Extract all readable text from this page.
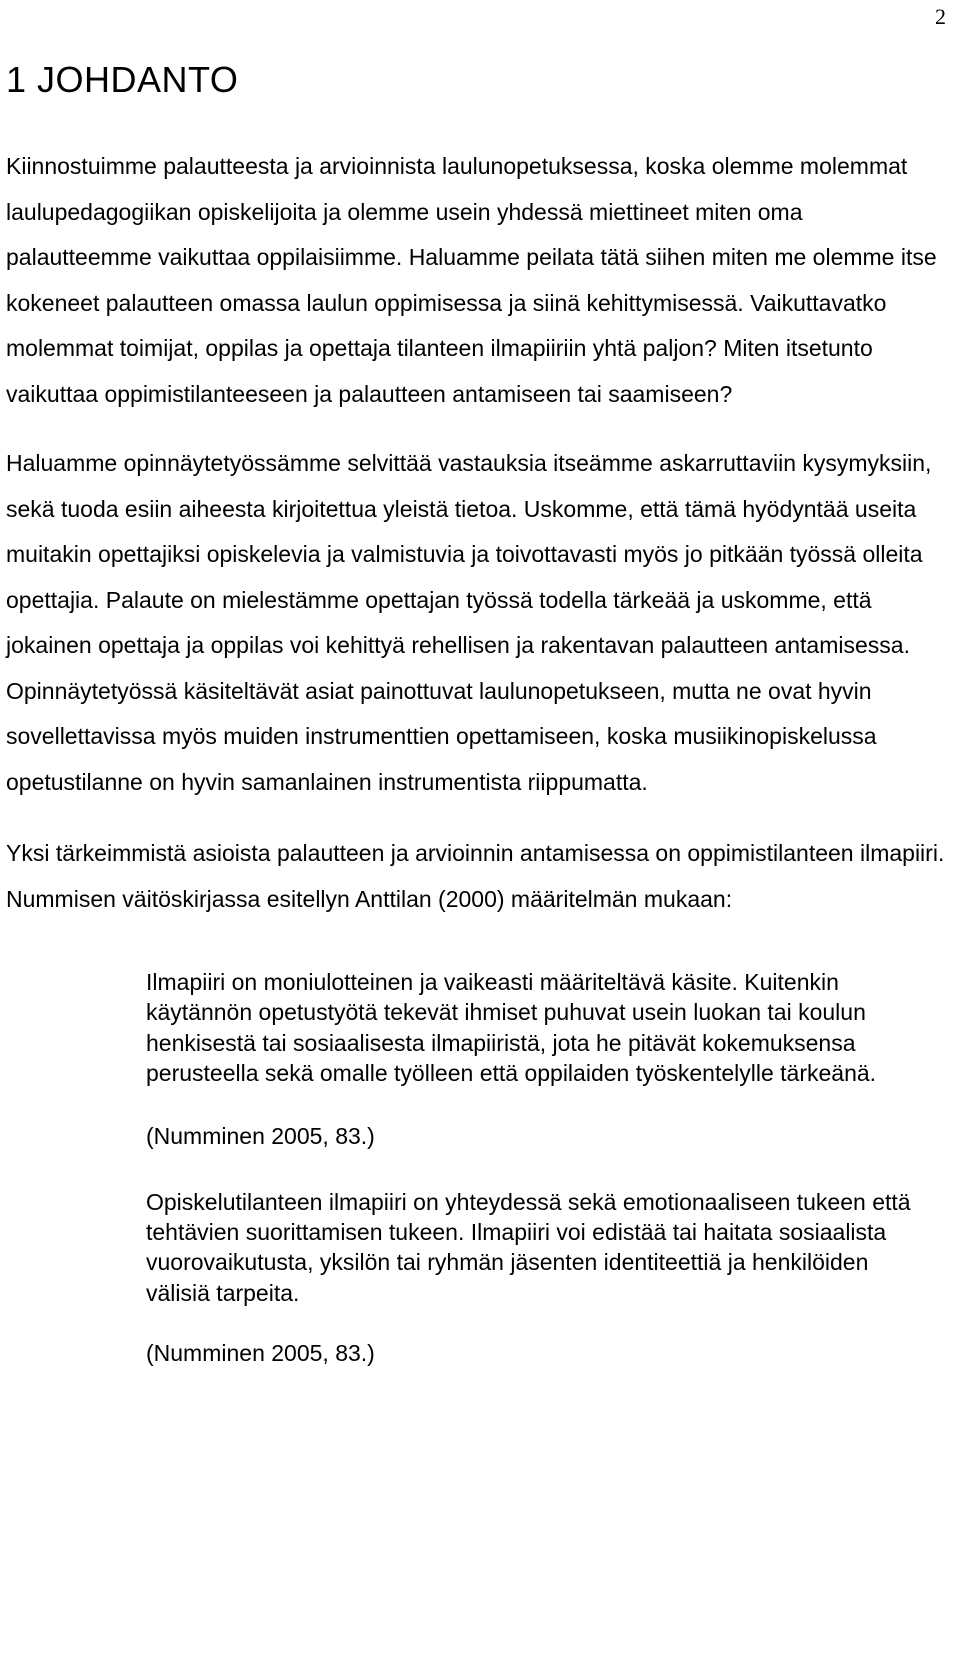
2
1 JOHDANTO

Kiinnostuimme palautteesta ja arvioinnista laulunopetuksessa, koska olemme molemmat laulupedagogiikan opiskelijoita ja olemme usein yhdessä miettineet miten oma palautteemme vaikuttaa oppilaisiimme. Haluamme peilata tätä siihen miten me olemme itse kokeneet palautteen omassa laulun oppimisessa ja siinä kehittymisessä. Vaikuttavatko molemmat toimijat, oppilas ja opettaja tilanteen ilmapiiriin yhtä paljon? Miten itsetunto vaikuttaa oppimistilanteeseen ja palautteen antamiseen tai saamiseen?

Haluamme opinnäytetyössämme selvittää vastauksia itseämme askarruttaviin kysymyksiin, sekä tuoda esiin aiheesta kirjoitettua yleistä tietoa. Uskomme, että tämä hyödyntää useita muitakin opettajiksi opiskelevia ja valmistuvia ja toivottavasti myös jo pitkään työssä olleita opettajia. Palaute on mielestämme opettajan työssä todella tärkeää ja uskomme, että jokainen opettaja ja oppilas voi kehittyä rehellisen ja rakentavan palautteen antamisessa. Opinnäytetyössä käsiteltävät asiat painottuvat laulunopetukseen, mutta ne ovat hyvin sovellettavissa myös muiden instrumenttien opettamiseen, koska musiikinopiskelussa opetustilanne on hyvin samanlainen instrumentista riippumatta.

Yksi tärkeimmistä asioista palautteen ja arvioinnin antamisessa on oppimistilanteen ilmapiiri. Nummisen väitöskirjassa esitellyn Anttilan (2000) määritelmän mukaan:

Ilmapiiri on moniulotteinen ja vaikeasti määriteltävä käsite. Kuitenkin käytännön opetustyötä tekevät ihmiset puhuvat usein luokan tai koulun henkisestä tai sosiaalisesta ilmapiiristä, jota he pitävät kokemuksensa perusteella sekä omalle työlleen että oppilaiden työskentelylle tärkeänä.

(Numminen 2005, 83.)

Opiskelutilanteen ilmapiiri on yhteydessä sekä emotionaaliseen tukeen että tehtävien suorittamisen tukeen. Ilmapiiri voi edistää tai haitata sosiaalista vuorovaikutusta, yksilön tai ryhmän jäsenten identiteettiä ja henkilöiden välisiä tarpeita.

(Numminen 2005, 83.)
